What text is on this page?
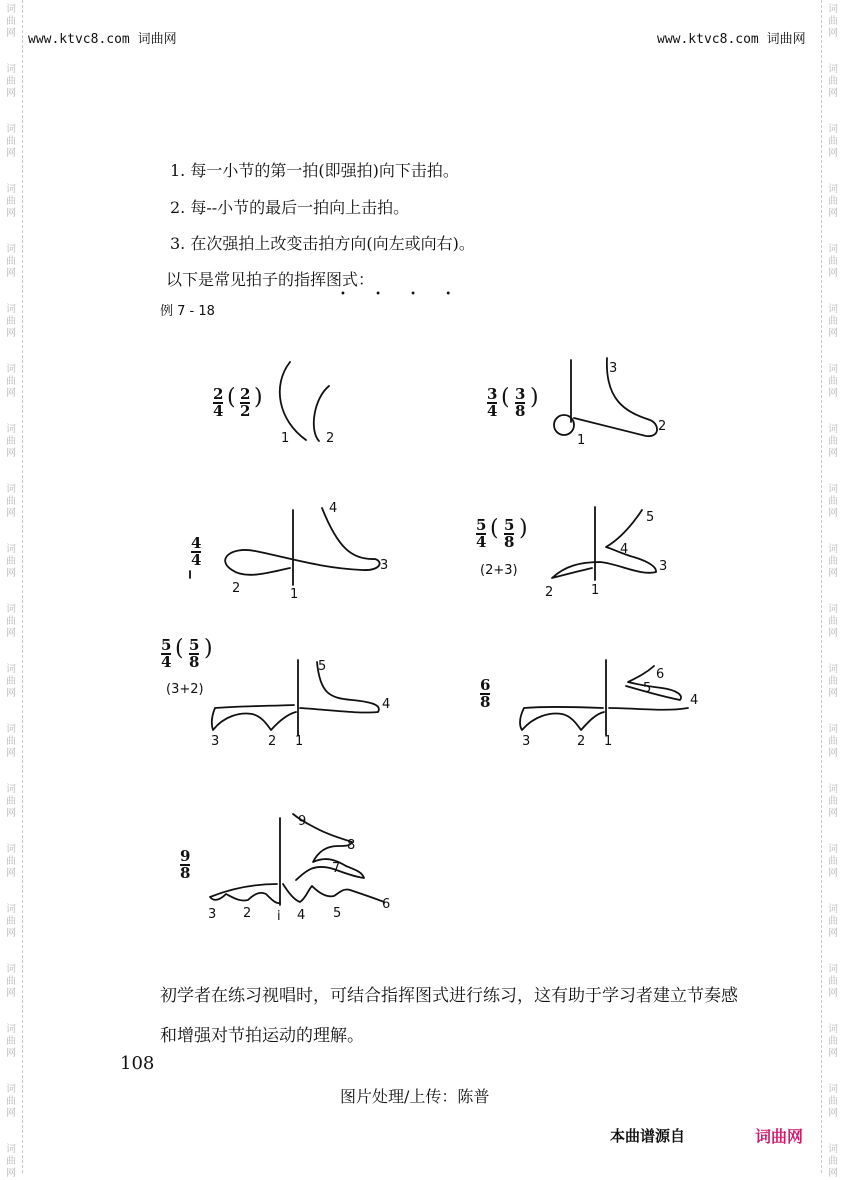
词
曲
网
词
曲
网
词
曲
网
词
曲
网
词
曲
网
词
曲
网
词
曲
网
词
曲
网
词
曲
网
词
曲
网
词
曲
网
词
曲
网
词
曲
网
词
曲
网
词
曲
网
词
曲
网
词
曲
网
词
曲
网
词
曲
网
词
曲
网
词
曲
网
词
曲
网
词
曲
网
词
曲
网
词
曲
网
词
曲
网
词
曲
网
词
曲
网
词
曲
网
词
曲
网
词
曲
网
词
曲
网
词
曲
网
词
曲
网
词
曲
网
词
曲
网
词
曲
网
词
曲
网
词
曲
网
词
曲
网
www.ktvc8.com 词曲网	www.ktvc8.com 词曲网
1. 每一小节的第一拍(即强拍)向下击拍。
2. 每--小节的最后一拍向上击拍。
3. 在次强拍上改变击拍方向(向左或向右)。
以下是常见拍子的指挥图式：
• • • •
例 7 - 18
$\frac{2}{4}$ ( $\frac{2}{2}$ )	$\frac{3}{4}$ ( $\frac{3}{8}$ )
$\frac{4}{4}$
$\frac{5}{4}$ ( $\frac{5}{8}$ )
(2+3)
$\frac{5}{4}$ ( $\frac{5}{8}$ )
(3+2)	$\frac{6}{8}$
$\frac{9}{8}$
1	2	1
2
3
1
2
3
4
1
2
3
4
5
1
2
3
4
5
1
2
3
4
5
6
i
2
3	4 5
6
7
8
9
初学者在练习视唱时，可结合指挥图式进行练习，这有助于学习者建立节奏感和增强对节拍运动的理解。
108
图片处理/上传：陈普
本曲谱源自	词曲网
